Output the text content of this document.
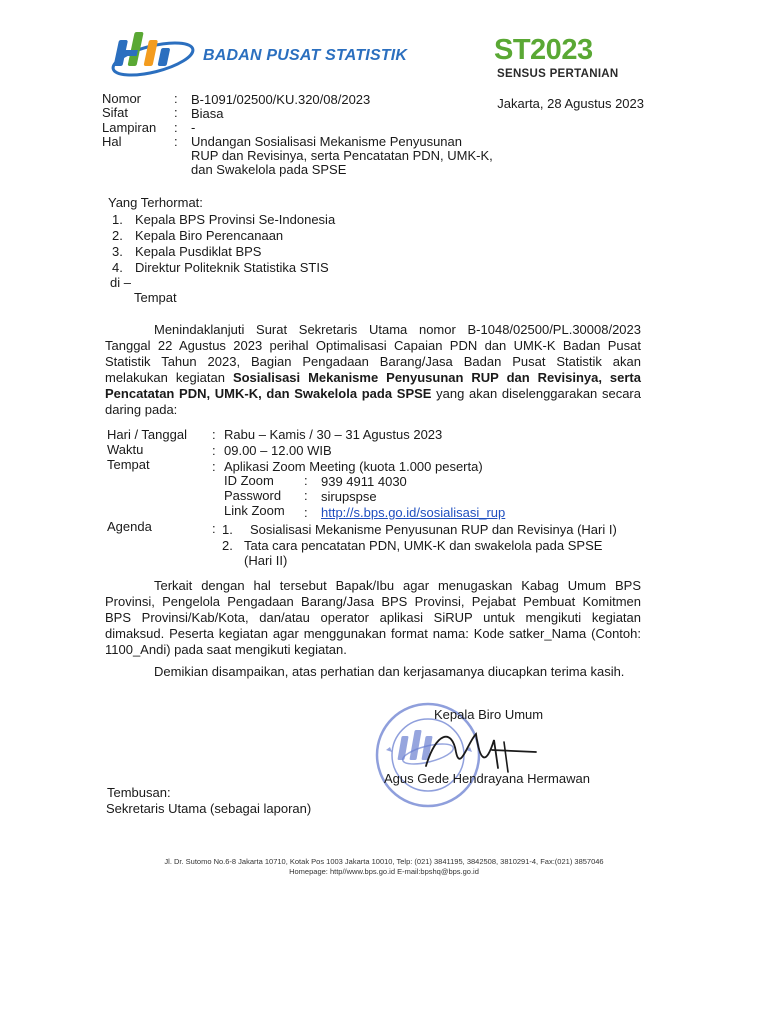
BADAN PUSAT STATISTIK	ST2023
SENSUS PERTANIAN
Nomor	: B-1091/02500/KU.320/08/2023
Sifat	: Biasa
Lampiran : -
Hal	: Undangan Sosialisasi Mekanisme Penyusunan
RUP dan Revisinya, serta Pencatatan PDN, UMK-K,
dan Swakelola pada SPSE
Jakarta, 28 Agustus 2023
Yang Terhormat:
1. Kepala BPS Provinsi Se-Indonesia
2. Kepala Biro Perencanaan
3. Kepala Pusdiklat BPS
4. Direktur Politeknik Statistika STIS
di –
Tempat
Menindaklanjuti Surat Sekretaris Utama nomor B-1048/02500/PL.30008/2023 Tanggal 22 Agustus 2023 perihal Optimalisasi Capaian PDN dan UMK-K Badan Pusat Statistik Tahun 2023, Bagian Pengadaan Barang/Jasa Badan Pusat Statistik akan melakukan kegiatan Sosialisasi Mekanisme Penyusunan RUP dan Revisinya, serta Pencatatan PDN, UMK-K, dan Swakelola pada SPSE yang akan diselenggarakan secara daring pada:
Hari / Tanggal : Rabu – Kamis / 30 – 31 Agustus 2023
Waktu	: 09.00 – 12.00 WIB
Tempat	: Aplikasi Zoom Meeting (kuota 1.000 peserta)
ID Zoom : 939 4911 4030
Password : sirupspse
Link Zoom : http://s.bps.go.id/sosialisasi_rup
Agenda	: 1. Sosialisasi Mekanisme Penyusunan RUP dan Revisinya (Hari I)
2. Tata cara pencatatan PDN, UMK-K dan swakelola pada SPSE
(Hari II)
Terkait dengan hal tersebut Bapak/Ibu agar menugaskan Kabag Umum BPS Provinsi, Pengelola Pengadaan Barang/Jasa BPS Provinsi, Pejabat Pembuat Komitmen BPS Provinsi/Kab/Kota, dan/atau operator aplikasi SiRUP untuk mengikuti kegiatan dimaksud. Peserta kegiatan agar menggunakan format nama: Kode satker_Nama (Contoh: 1100_Andi) pada saat mengikuti kegiatan.
Demikian disampaikan, atas perhatian dan kerjasamanya diucapkan terima kasih.
Kepala Biro Umum
Agus Gede Hendrayana Hermawan
Tembusan:
Sekretaris Utama (sebagai laporan)
Jl. Dr. Sutomo No.6-8 Jakarta 10710, Kotak Pos 1003 Jakarta 10010, Telp: (021) 3841195, 3842508, 3810291-4, Fax:(021) 3857046
Homepage: http//www.bps.go.id E-mail:bpshq@bps.go.id
